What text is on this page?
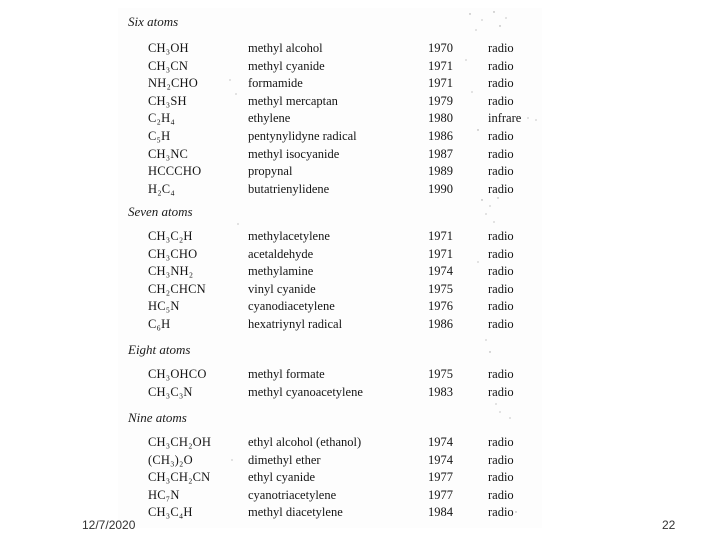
Six atoms
CH₃OH	methyl alcohol	1970	radio
CH₃CN	methyl cyanide	1971	radio
NH₂CHO	formamide	1971	radio
CH₃SH	methyl mercaptan	1979	radio
C₂H₄	ethylene	1980	infrare
C₅H	pentynylidyne radical	1986	radio
CH₃NC	methyl isocyanide	1987	radio
HCCCHO	propynal	1989	radio
H₂C₄	butatrienylidene	1990	radio
Seven atoms
CH₃C₂H	methylacetylene	1971	radio
CH₃CHO	acetaldehyde	1971	radio
CH₃NH₂	methylamine	1974	radio
CH₂CHCN	vinyl cyanide	1975	radio
HC₅N	cyanodiacetylene	1976	radio
C₆H	hexatriynyl radical	1986	radio
Eight atoms
CH₃OHCO	methyl formate	1975	radio
CH₃C₃N	methyl cyanoacetylene	1983	radio
Nine atoms
CH₃CH₂OH	ethyl alcohol (ethanol)	1974	radio
(CH₃)₂O	dimethyl ether	1974	radio
CH₃CH₂CN	ethyl cyanide	1977	radio
HC₇N	cyanotriacetylene	1977	radio
CH₃C₄H	methyl diacetylene	1984	radio
12/7/2020	22
